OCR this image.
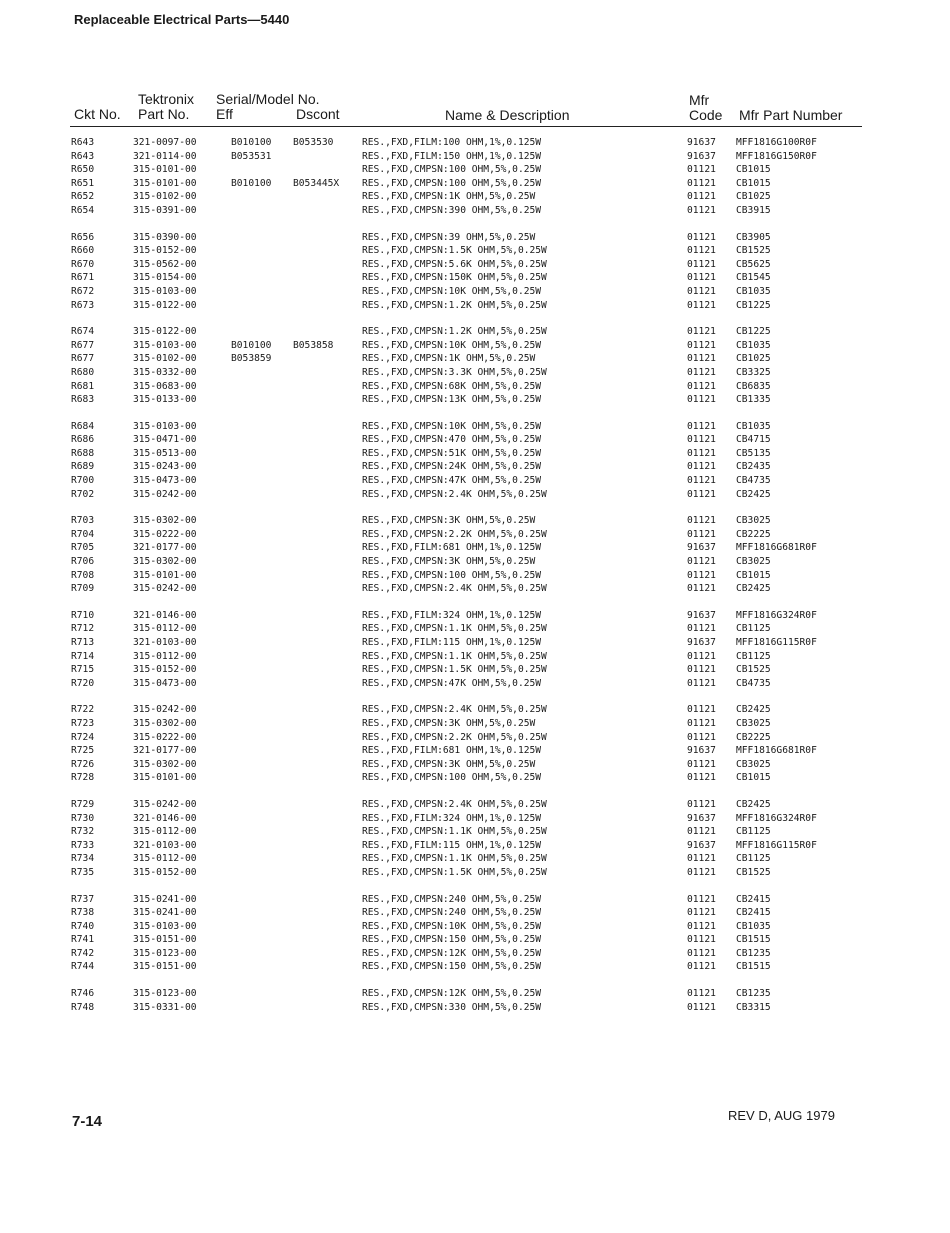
Replaceable Electrical Parts—5440
Ckt No.
Tektronix
Part No.
Serial/Model No.
Eff	Dscont	Name & Description
Mfr
Code Mfr Part Number
R643	321-0097-00	B010100 B053530	RES.,FXD,FILM:100 OHM,1%,0.125W	91637 MFF1816G100R0F
R643	321-0114-00	B053531	RES.,FXD,FILM:150 OHM,1%,0.125W	91637 MFF1816G150R0F
R650	315-0101-00	RES.,FXD,CMPSN:100 OHM,5%,0.25W	01121 CB1015
R651	315-0101-00	B010100 B053445X RES.,FXD,CMPSN:100 OHM,5%,0.25W	01121 CB1015
R652	315-0102-00	RES.,FXD,CMPSN:1K OHM,5%,0.25W	01121 CB1025
R654	315-0391-00	RES.,FXD,CMPSN:390 OHM,5%,0.25W	01121 CB3915
R656	315-0390-00	RES.,FXD,CMPSN:39 OHM,5%,0.25W	01121 CB3905
R660	315-0152-00	RES.,FXD,CMPSN:1.5K OHM,5%,0.25W	01121 CB1525
R670	315-0562-00	RES.,FXD,CMPSN:5.6K OHM,5%,0.25W	01121 CB5625
R671	315-0154-00	RES.,FXD,CMPSN:150K OHM,5%,0.25W	01121 CB1545
R672	315-0103-00	RES.,FXD,CMPSN:10K OHM,5%,0.25W	01121 CB1035
R673	315-0122-00	RES.,FXD,CMPSN:1.2K OHM,5%,0.25W	01121 CB1225
R674	315-0122-00	RES.,FXD,CMPSN:1.2K OHM,5%,0.25W	01121 CB1225
R677	315-0103-00	B010100 B053858	RES.,FXD,CMPSN:10K OHM,5%,0.25W	01121 CB1035
R677	315-0102-00	B053859	RES.,FXD,CMPSN:1K OHM,5%,0.25W	01121 CB1025
R680	315-0332-00	RES.,FXD,CMPSN:3.3K OHM,5%,0.25W	01121 CB3325
R681	315-0683-00	RES.,FXD,CMPSN:68K OHM,5%,0.25W	01121 CB6835
R683	315-0133-00	RES.,FXD,CMPSN:13K OHM,5%,0.25W	01121 CB1335
R684	315-0103-00	RES.,FXD,CMPSN:10K OHM,5%,0.25W	01121 CB1035
R686	315-0471-00	RES.,FXD,CMPSN:470 OHM,5%,0.25W	01121 CB4715
R688	315-0513-00	RES.,FXD,CMPSN:51K OHM,5%,0.25W	01121 CB5135
R689	315-0243-00	RES.,FXD,CMPSN:24K OHM,5%,0.25W	01121 CB2435
R700	315-0473-00	RES.,FXD,CMPSN:47K OHM,5%,0.25W	01121 CB4735
R702	315-0242-00	RES.,FXD,CMPSN:2.4K OHM,5%,0.25W	01121 CB2425
R703	315-0302-00	RES.,FXD,CMPSN:3K OHM,5%,0.25W	01121 CB3025
R704	315-0222-00	RES.,FXD,CMPSN:2.2K OHM,5%,0.25W	01121 CB2225
R705	321-0177-00	RES.,FXD,FILM:681 OHM,1%,0.125W	91637 MFF1816G681R0F
R706	315-0302-00	RES.,FXD,CMPSN:3K OHM,5%,0.25W	01121 CB3025
R708	315-0101-00	RES.,FXD,CMPSN:100 OHM,5%,0.25W	01121 CB1015
R709	315-0242-00	RES.,FXD,CMPSN:2.4K OHM,5%,0.25W	01121 CB2425
R710	321-0146-00	RES.,FXD,FILM:324 OHM,1%,0.125W	91637 MFF1816G324R0F
R712	315-0112-00	RES.,FXD,CMPSN:1.1K OHM,5%,0.25W	01121 CB1125
R713	321-0103-00	RES.,FXD,FILM:115 OHM,1%,0.125W	91637 MFF1816G115R0F
R714	315-0112-00	RES.,FXD,CMPSN:1.1K OHM,5%,0.25W	01121 CB1125
R715	315-0152-00	RES.,FXD,CMPSN:1.5K OHM,5%,0.25W	01121 CB1525
R720	315-0473-00	RES.,FXD,CMPSN:47K OHM,5%,0.25W	01121 CB4735
R722	315-0242-00	RES.,FXD,CMPSN:2.4K OHM,5%,0.25W	01121 CB2425
R723	315-0302-00	RES.,FXD,CMPSN:3K OHM,5%,0.25W	01121 CB3025
R724	315-0222-00	RES.,FXD,CMPSN:2.2K OHM,5%,0.25W	01121 CB2225
R725	321-0177-00	RES.,FXD,FILM:681 OHM,1%,0.125W	91637 MFF1816G681R0F
R726	315-0302-00	RES.,FXD,CMPSN:3K OHM,5%,0.25W	01121 CB3025
R728	315-0101-00	RES.,FXD,CMPSN:100 OHM,5%,0.25W	01121 CB1015
R729	315-0242-00	RES.,FXD,CMPSN:2.4K OHM,5%,0.25W	01121 CB2425
R730	321-0146-00	RES.,FXD,FILM:324 OHM,1%,0.125W	91637 MFF1816G324R0F
R732	315-0112-00	RES.,FXD,CMPSN:1.1K OHM,5%,0.25W	01121 CB1125
R733	321-0103-00	RES.,FXD,FILM:115 OHM,1%,0.125W	91637 MFF1816G115R0F
R734	315-0112-00	RES.,FXD,CMPSN:1.1K OHM,5%,0.25W	01121 CB1125
R735	315-0152-00	RES.,FXD,CMPSN:1.5K OHM,5%,0.25W	01121 CB1525
R737	315-0241-00	RES.,FXD,CMPSN:240 OHM,5%,0.25W	01121 CB2415
R738	315-0241-00	RES.,FXD,CMPSN:240 OHM,5%,0.25W	01121 CB2415
R740	315-0103-00	RES.,FXD,CMPSN:10K OHM,5%,0.25W	01121 CB1035
R741	315-0151-00	RES.,FXD,CMPSN:150 OHM,5%,0.25W	01121 CB1515
R742	315-0123-00	RES.,FXD,CMPSN:12K OHM,5%,0.25W	01121 CB1235
R744	315-0151-00	RES.,FXD,CMPSN:150 OHM,5%,0.25W	01121 CB1515
R746	315-0123-00	RES.,FXD,CMPSN:12K OHM,5%,0.25W	01121 CB1235
R748	315-0331-00	RES.,FXD,CMPSN:330 OHM,5%,0.25W	01121 CB3315
7-14	REV D, AUG 1979
